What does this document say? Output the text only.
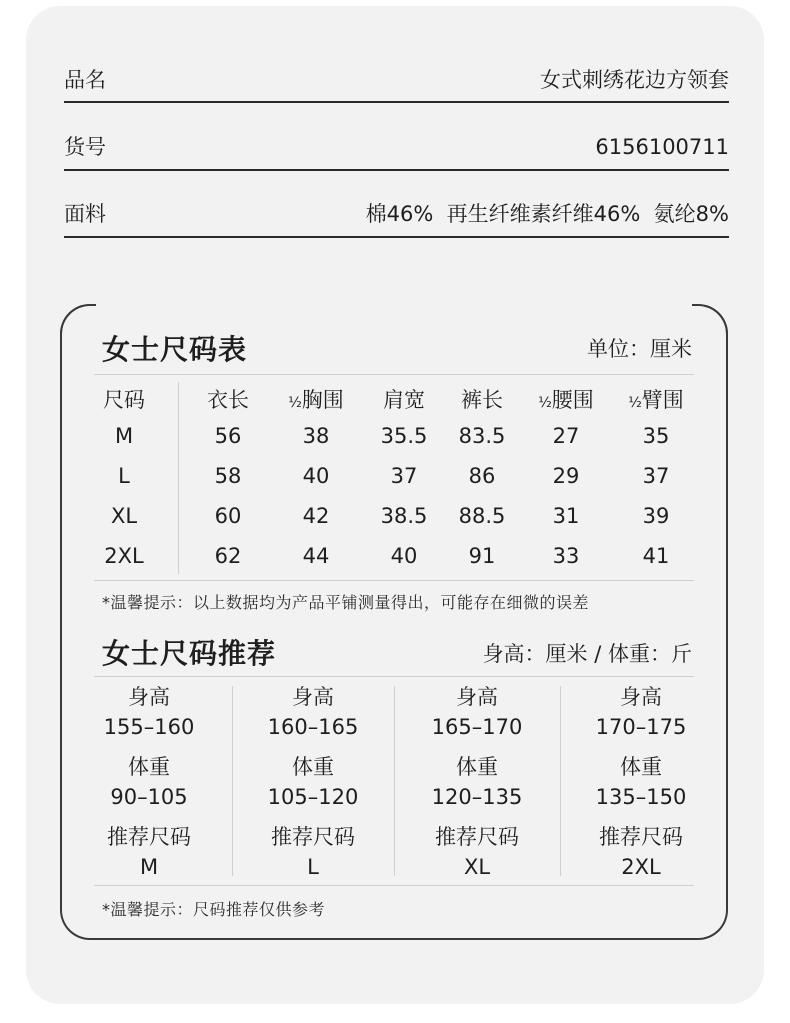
品名	女式刺绣花边方领套
货号	6156100711
面料	棉46%  再生纤维素纤维46%  氨纶8%
女士尺码表	单位：厘米
尺码	衣长	½胸围	肩宽	裤长	½腰围	½臂围
M	56	38	35.5	83.5	27	35
L	58	40	37	86	29	37
XL	60	42	38.5	88.5	31	39
2XL	62	44	40	91	33	41
*温馨提示：以上数据均为产品平铺测量得出，可能存在细微的误差
女士尺码推荐	身高：厘米 / 体重：斤
身高
155–160
体重
90–105
推荐尺码
M
身高
160–165
体重
105–120
推荐尺码
L
身高
165–170
体重
120–135
推荐尺码
XL
身高
170–175
体重
135–150
推荐尺码
2XL
*温馨提示：尺码推荐仅供参考
